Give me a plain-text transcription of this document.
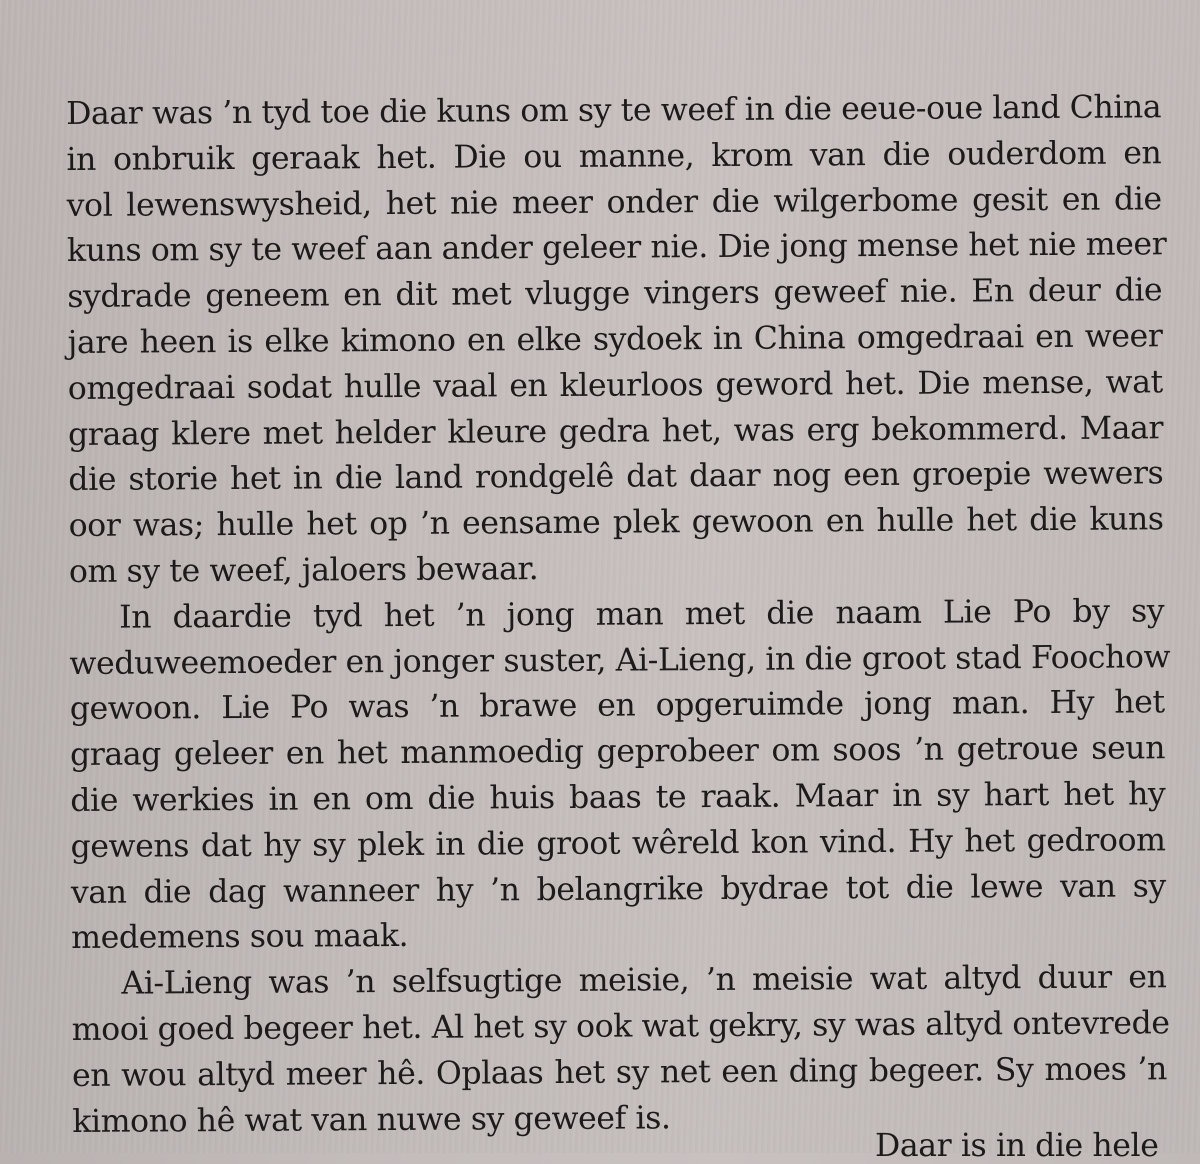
Daar was ’n tyd toe die kuns om sy te weef in die eeue-oue land China
in onbruik geraak het. Die ou manne, krom van die ouderdom en
vol lewenswysheid, het nie meer onder die wilgerbome gesit en die
kuns om sy te weef aan ander geleer nie. Die jong mense het nie meer
sydrade geneem en dit met vlugge vingers geweef nie. En deur die
jare heen is elke kimono en elke sydoek in China omgedraai en weer
omgedraai sodat hulle vaal en kleurloos geword het. Die mense, wat
graag klere met helder kleure gedra het, was erg bekommerd. Maar
die storie het in die land rondgelê dat daar nog een groepie wewers
oor was; hulle het op ’n eensame plek gewoon en hulle het die kuns
om sy te weef, jaloers bewaar.
In daardie tyd het ’n jong man met die naam Lie Po by sy
weduweemoeder en jonger suster, Ai-Lieng, in die groot stad Foochow
gewoon. Lie Po was ’n brawe en opgeruimde jong man. Hy het
graag geleer en het manmoedig geprobeer om soos ’n getroue seun
die werkies in en om die huis baas te raak. Maar in sy hart het hy
gewens dat hy sy plek in die groot wêreld kon vind. Hy het gedroom
van die dag wanneer hy ’n belangrike bydrae tot die lewe van sy
medemens sou maak.
Ai-Lieng was ’n selfsugtige meisie, ’n meisie wat altyd duur en
mooi goed begeer het. Al het sy ook wat gekry, sy was altyd ontevrede
en wou altyd meer hê. Oplaas het sy net een ding begeer. Sy moes ’n
kimono hê wat van nuwe sy geweef is.
Daar is in die hele
